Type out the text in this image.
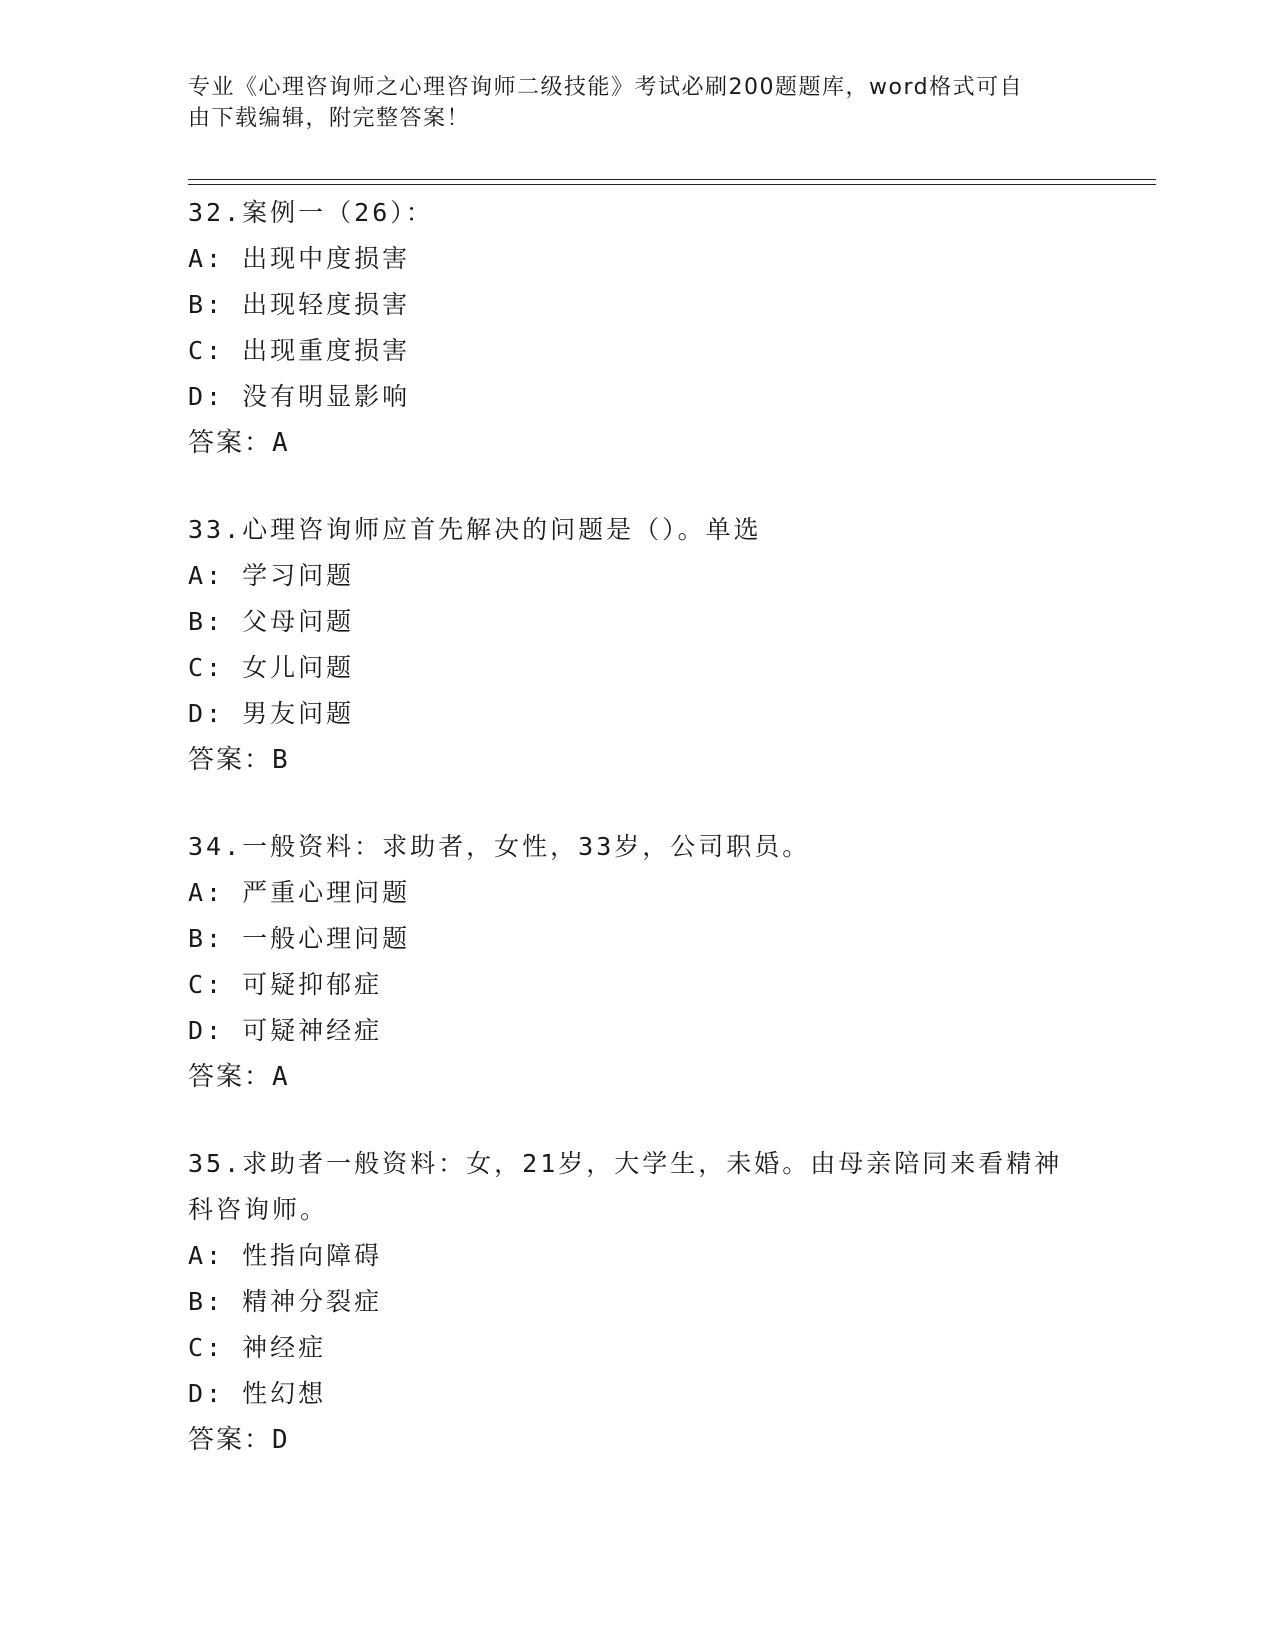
专业《心理咨询师之心理咨询师二级技能》考试必刷200题题库，word格式可自
由下载编辑，附完整答案！
32.案例一（26）：
A: 出现中度损害
B: 出现轻度损害
C: 出现重度损害
D: 没有明显影响
答案：A
33.心理咨询师应首先解决的问题是（）。单选
A: 学习问题
B: 父母问题
C: 女儿问题
D: 男友问题
答案：B
34.一般资料：求助者，女性，33岁，公司职员。
A: 严重心理问题
B: 一般心理问题
C: 可疑抑郁症
D: 可疑神经症
答案：A
35.求助者一般资料：女，21岁，大学生，未婚。由母亲陪同来看精神
科咨询师。
A: 性指向障碍
B: 精神分裂症
C: 神经症
D: 性幻想
答案：D
